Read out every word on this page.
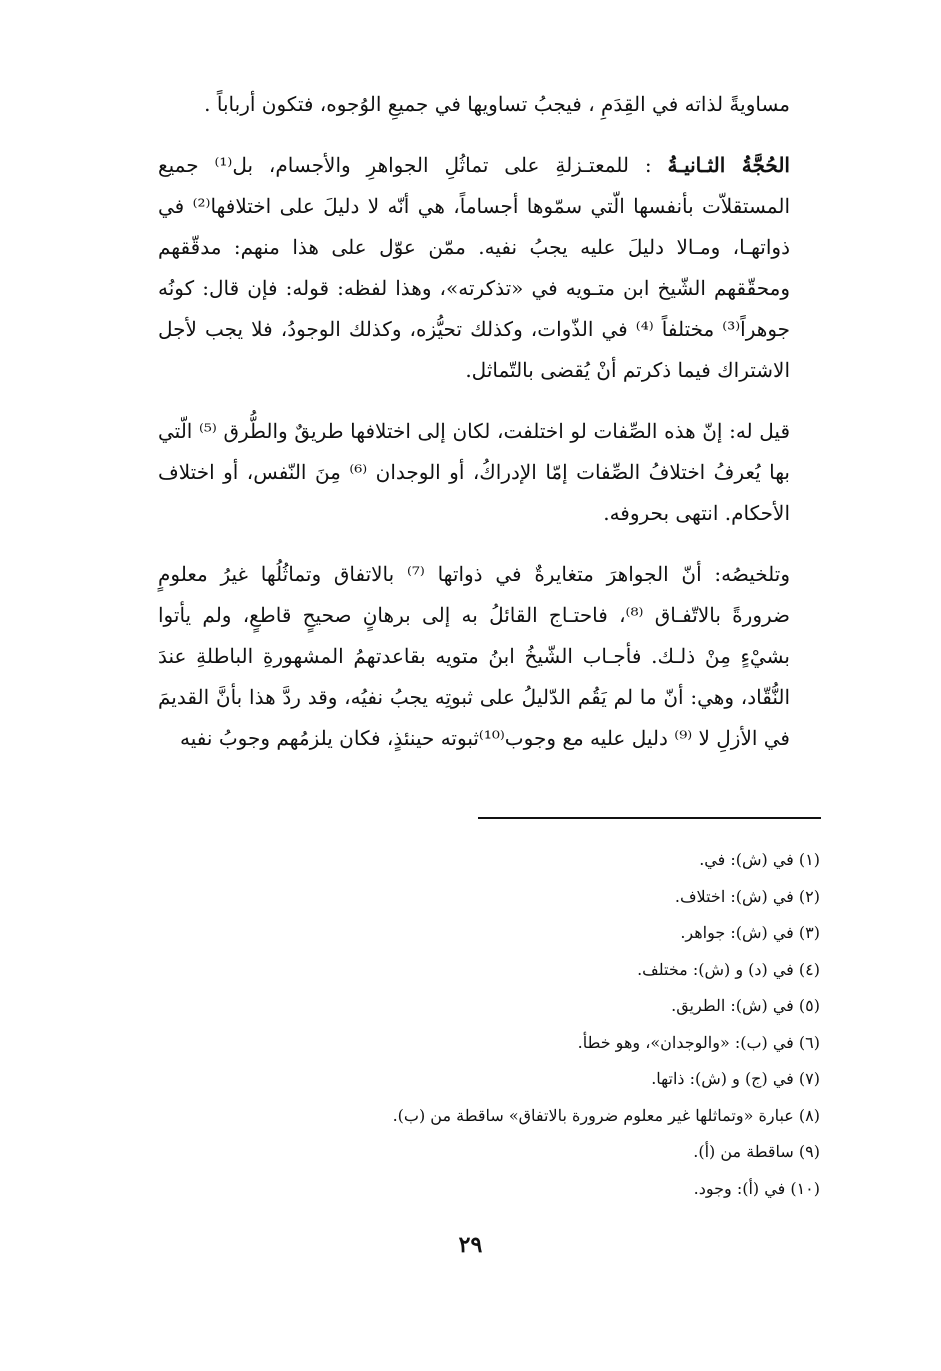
مساويةً لذاته في القِدَمِ ، فيجبُ تساويها في جميعِ الوُجوه، فتكون أرباباً .

الحُجَّةُ الثـانيـةُ : للمعتـزلةِ على تماثُلِ الجواهرِ والأجسام، بل⁽¹⁾ جميع المستقلاّت بأنفسها الّتي سمّوها أجساماً، هي أنّه لا دليلَ على اختلافها⁽²⁾ في ذواتهـا، ومـالا دليلَ عليه يجبُ نفيه. ممّن عوّل على هذا منهم: مدقّقهم ومحقّقهم الشّيخ ابن متـويه في «تذكرته»، وهذا لفظه: قوله: فإن قال: كونُه جوهراً⁽³⁾ مختلفاً ⁽⁴⁾ في الذّوات، وكذلك تحيُّزه، وكذلك الوجودُ، فلا يجب لأجل الاشتراك فيما ذكرتم أنْ يُقضى بالتّماثل.

قيل له: إنّ هذه الصِّفات لو اختلفت، لكان إلى اختلافها طريقٌ والطُّرق ⁽⁵⁾ الّتي بها يُعرفُ اختلافُ الصِّفات إمّا الإدراكُ، أو الوجدان ⁽⁶⁾ مِنَ النّفس، أو اختلاف الأحكام. انتهى بحروفه.

وتلخيصُه: أنّ الجواهرَ متغايرةٌ في ذواتها ⁽⁷⁾ بالاتفاق وتماثُلُها غيرُ معلومٍ ضرورةً بالاتّفـاق ⁽⁸⁾، فاحتـاج القائلُ به إلى برهانٍ صحيحٍ قاطعٍ، ولم يأتوا بشيْءٍ مِنْ ذلـك. فأجـاب الشّيخُ ابنُ متويه بقاعدتهمُ المشهورةِ الباطلةِ عندَ النُّقّاد، وهي: أنّ ما لم يَقُم الدّليلُ على ثبوتِه يجبُ نفيُه، وقد ردَّ هذا بأنَّ القديمَ في الأزلِ لا ⁽⁹⁾ دليل عليه مع وجوب⁽¹⁰⁾ثبوته حينئذٍ، فكان يلزمُهم وجوبُ نفيه

(١) في (ش): في.
(٢) في (ش): اختلاف.
(٣) في (ش): جواهر.
(٤) في (د) و (ش): مختلف.
(٥) في (ش): الطريق.
(٦) في (ب): «والوجدان»، وهو خطأ.
(٧) في (ج) و (ش): ذاتها.
(٨) عبارة «وتماثلها غير معلوم ضرورة بالاتفاق» ساقطة من (ب).
(٩) ساقطة من (أ).
(١٠) في (أ): وجود.
٢٩
